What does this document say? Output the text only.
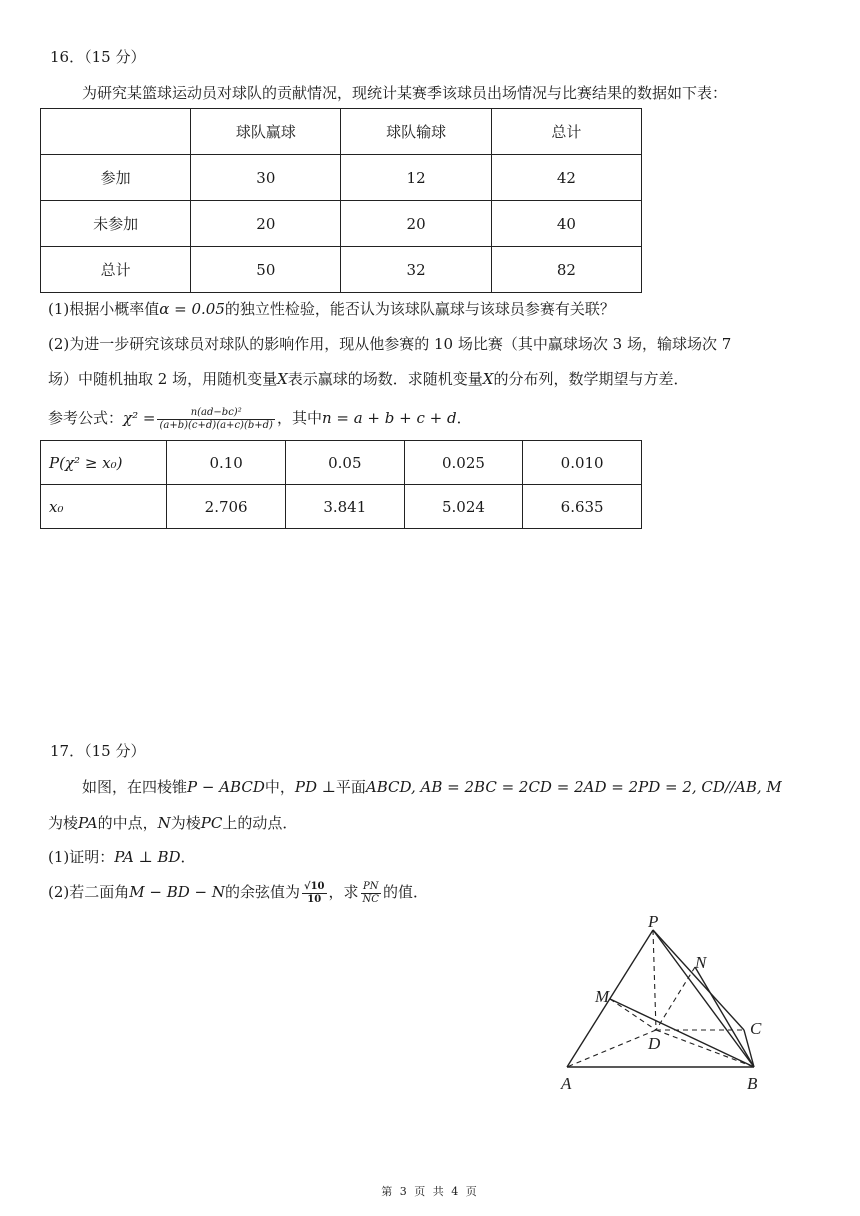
16．（15 分）
为研究某篮球运动员对球队的贡献情况，现统计某赛季该球员出场情况与比赛结果的数据如下表：
	球队赢球	球队输球	总计
参加	30	12	42
未参加	20	20	40
总计	50	32	82
(1)根据小概率值α = 0.05的独立性检验，能否认为该球队赢球与该球员参赛有关联？
(2)为进一步研究该球员对球队的影响作用，现从他参赛的 10 场比赛（其中赢球场次 3 场，输球场次 7
场）中随机抽取 2 场，用随机变量X表示赢球的场数．求随机变量X的分布列，数学期望与方差．
参考公式：$\chi^2 = \frac{\text{n(ad−bc)²}}{(a+b)(c+d)(a+c)(b+d)}$ ，其中n = a + b + c + d．
P(χ² ≥ x₀)	0.10	0.05	0.025	0.010
x₀	2.706	3.841	5.024	6.635
17．（15 分）
如图，在四棱锥P − ABCD中，PD ⊥平面ABCD, AB = 2BC = 2CD = 2AD = 2PD = 2, CD//AB, M
为棱PA的中点，N为棱PC上的动点．
(1)证明：PA ⊥ BD．
(2)若二面角M − BD − N的余弦值为 $\frac{√10}{10}$ ，求 $\frac{PN}{NC}$ 的值．
P
N
M
C
D
A	B
第 3 页 共 4 页
